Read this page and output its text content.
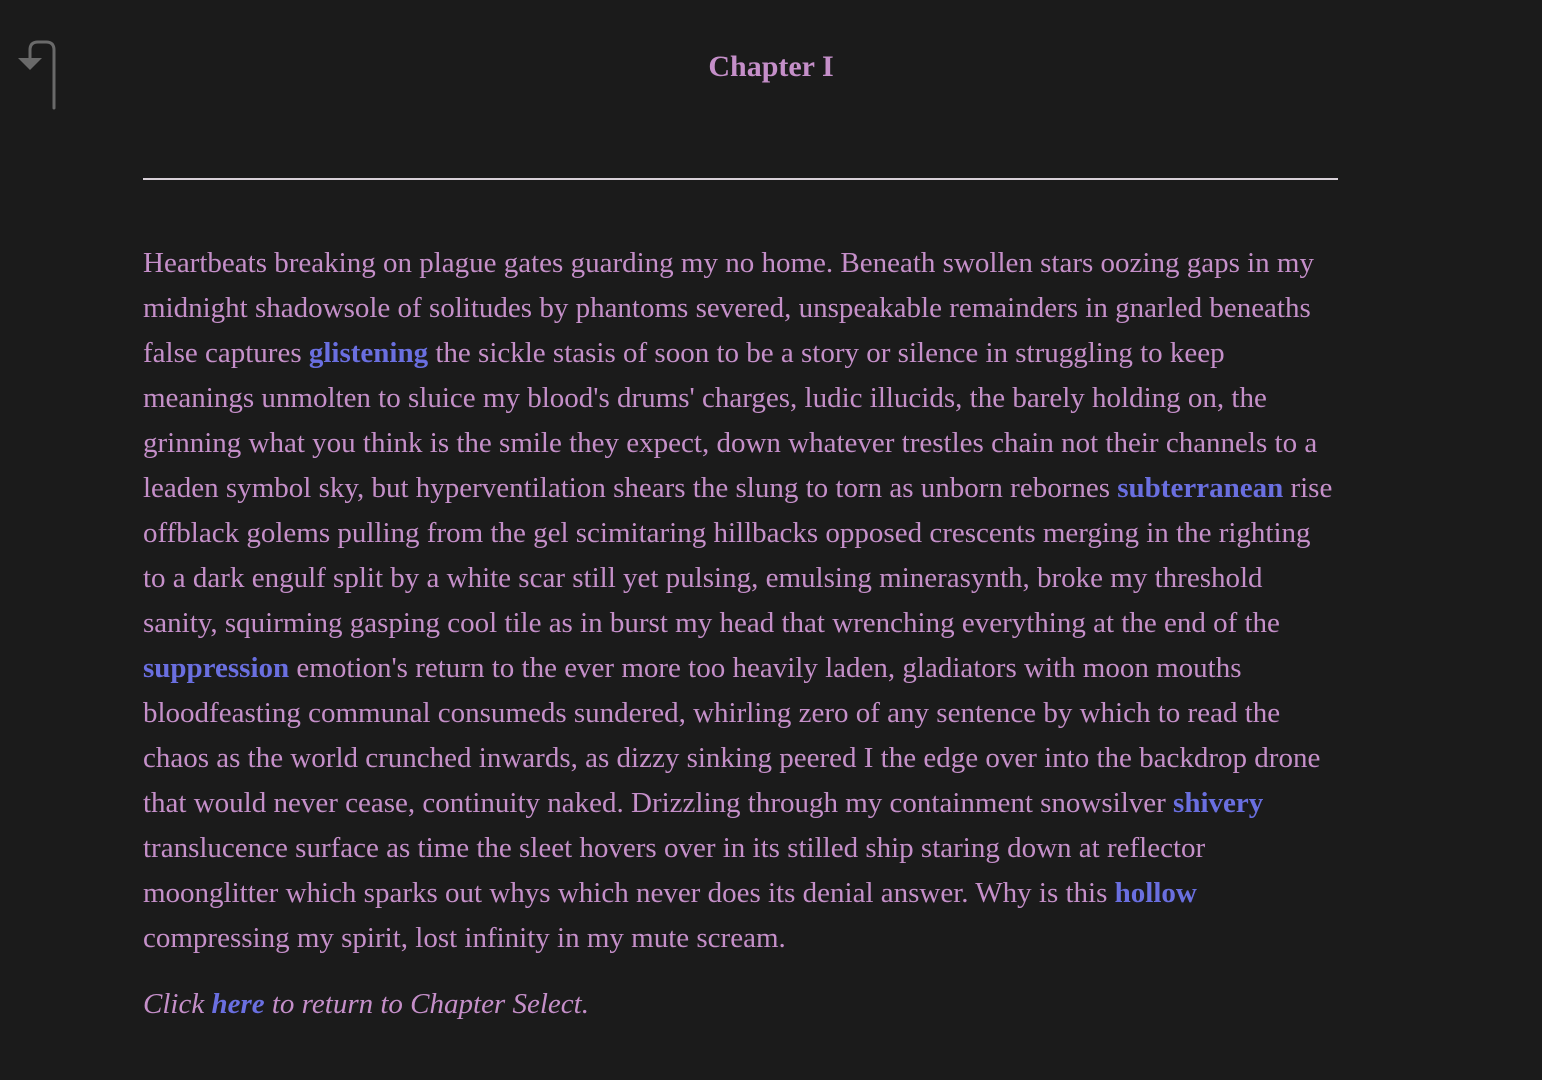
Chapter I

Heartbeats breaking on plague gates guarding my no home. Beneath swollen stars oozing gaps in my midnight shadowsole of solitudes by phantoms severed, unspeakable remainders in gnarled beneaths false captures glistening the sickle stasis of soon to be a story or silence in struggling to keep meanings unmolten to sluice my blood's drums' charges, ludic illucids, the barely holding on, the grinning what you think is the smile they expect, down whatever trestles chain not their channels to a leaden symbol sky, but hyperventilation shears the slung to torn as unborn rebornes subterranean rise offblack golems pulling from the gel scimitaring hillbacks opposed crescents merging in the righting to a dark engulf split by a white scar still yet pulsing, emulsing minerasynth, broke my threshold sanity, squirming gasping cool tile as in burst my head that wrenching everything at the end of the suppression emotion's return to the ever more too heavily laden, gladiators with moon mouths bloodfeasting communal consumeds sundered, whirling zero of any sentence by which to read the chaos as the world crunched inwards, as dizzy sinking peered I the edge over into the backdrop drone that would never cease, continuity naked. Drizzling through my containment snowsilver shivery translucence surface as time the sleet hovers over in its stilled ship staring down at reflector moonglitter which sparks out whys which never does its denial answer. Why is this hollow compressing my spirit, lost infinity in my mute scream.

Click here to return to Chapter Select.
